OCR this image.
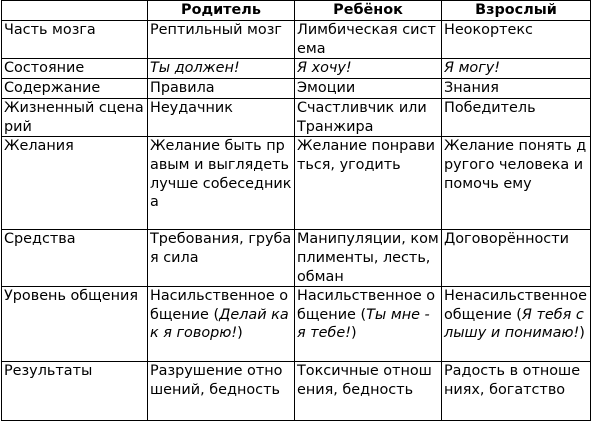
	Родитель	Ребёнок	Взрослый
Часть мозга	Рептильный мозг	Лимбическая система	Неокортекс
Состояние	Ты должен!	Я хочу!	Я могу!
Содержание	Правила	Эмоции	Знания
Жизненный сценарий	Неудачник	Счастливчик или Транжира	Победитель
Желания	Желание быть правым и выглядеть лучше собеседника	Желание понравиться, угодить	Желание понять другого человека и помочь ему
Средства	Требования, грубая сила	Манипуляции, комплименты, лесть, обман	Договорённости
Уровень общения	Насильственное общение (Делай как я говорю!)	Насильственное общение (Ты мне - я тебе!)	Ненасильственное общение (Я тебя слышу и понимаю!)
Результаты	Разрушение отношений, бедность	Токсичные отношения, бедность	Радость в отношениях, богатство
